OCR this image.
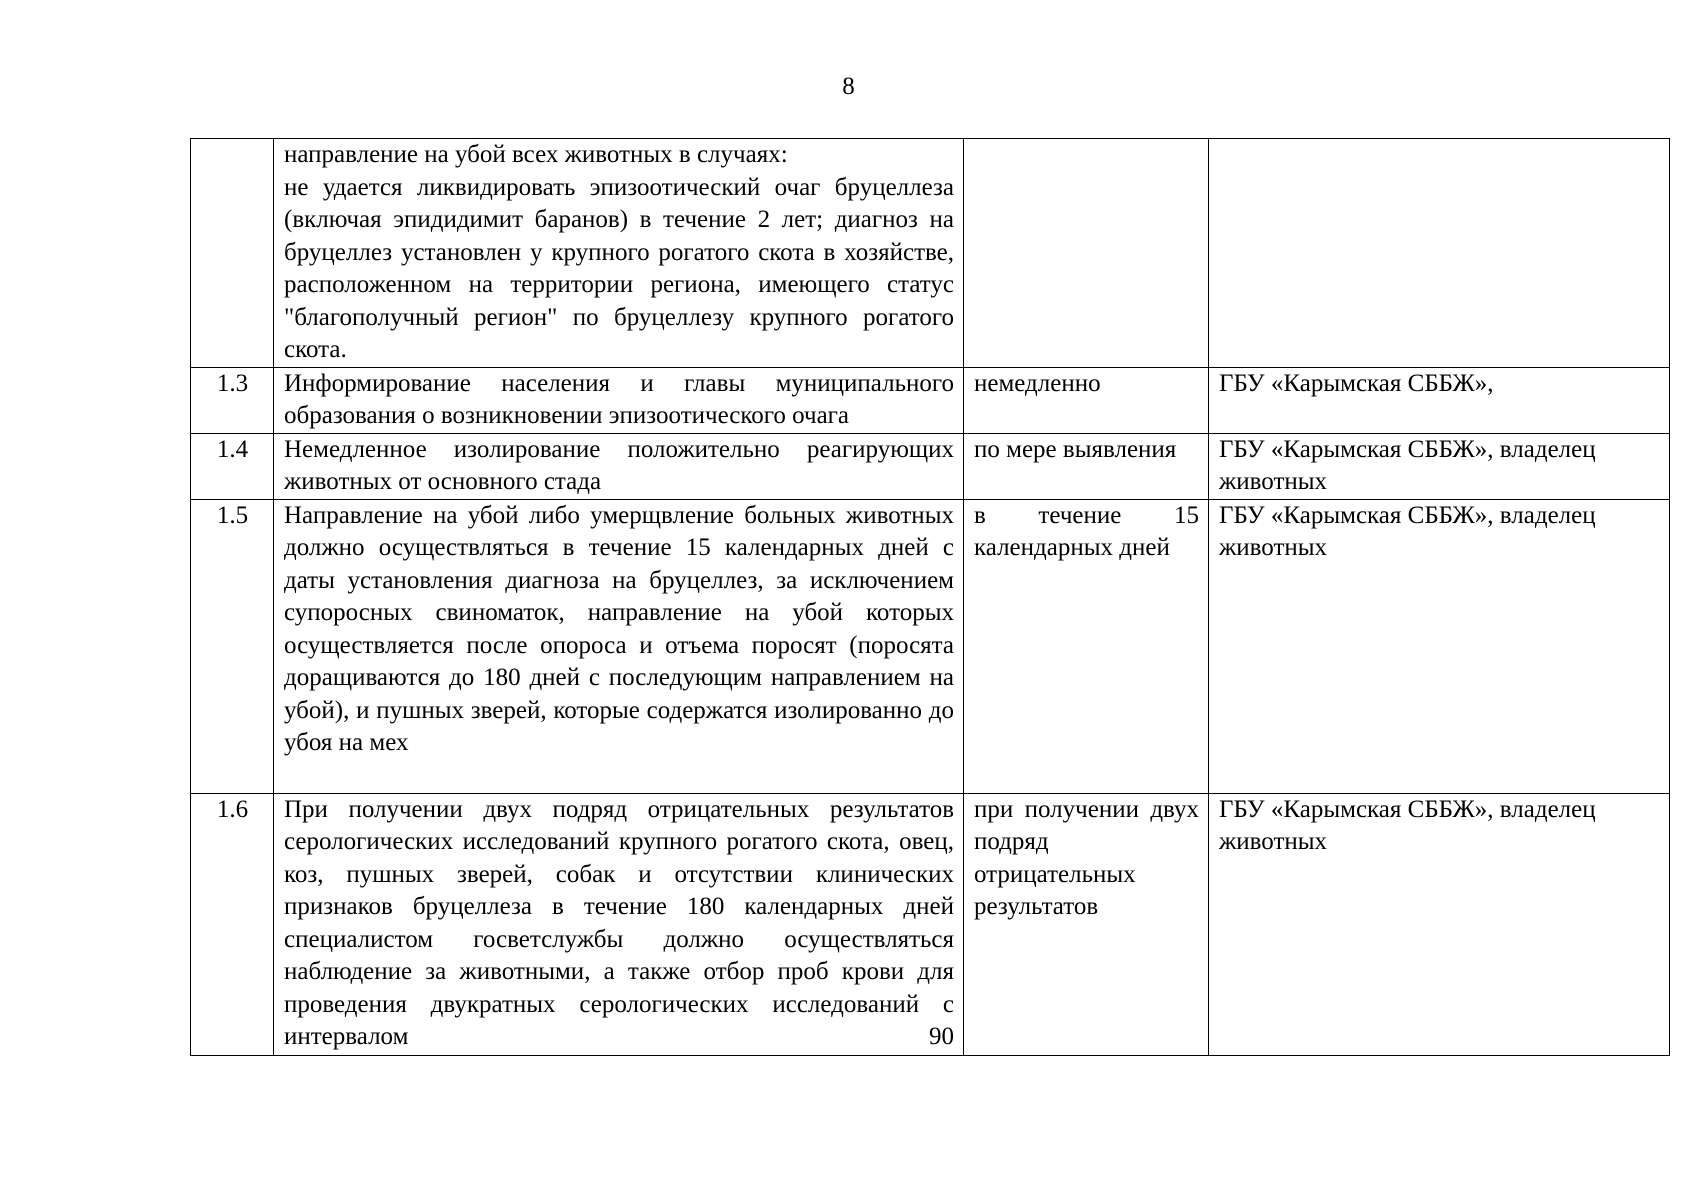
8

	направление на убой всех животных в случаях:
не удается ликвидировать эпизоотический очаг бруцеллеза (включая эпидидимит баранов) в течение 2 лет; диагноз на бруцеллез установлен у крупного рогатого скота в хозяйстве, расположенном на территории региона, имеющего статус "благополучный регион" по бруцеллезу крупного рогатого скота.		

1.3	Информирование населения и главы муниципального образования о возникновении эпизоотического очага	немедленно	ГБУ «Карымская СББЖ»,
1.4	Немедленное изолирование положительно реагирующих животных от основного стада	по мере выявления	ГБУ «Карымская СББЖ», владелец животных
1.5	Направление на убой либо умерщвление больных животных должно осуществляться в течение 15 календарных дней с даты установления диагноза на бруцеллез, за исключением супоросных свиноматок, направление на убой которых осуществляется после опороса и отъема поросят (поросята доращиваются до 180 дней с последующим направлением на убой), и пушных зверей, которые содержатся изолированно до убоя на мех	в течение 15 календарных дней	ГБУ «Карымская СББЖ», владелец животных
1.6	При получении двух подряд отрицательных результатов серологических исследований крупного рогатого скота, овец, коз, пушных зверей, собак и отсутствии клинических признаков бруцеллеза в течение 180 календарных дней специалистом госветслужбы должно осуществляться наблюдение за животными, а также отбор проб крови для проведения двукратных серологических исследований с интервалом 90	при получении двух подряд отрицательных результатов	ГБУ «Карымская СББЖ», владелец животных
